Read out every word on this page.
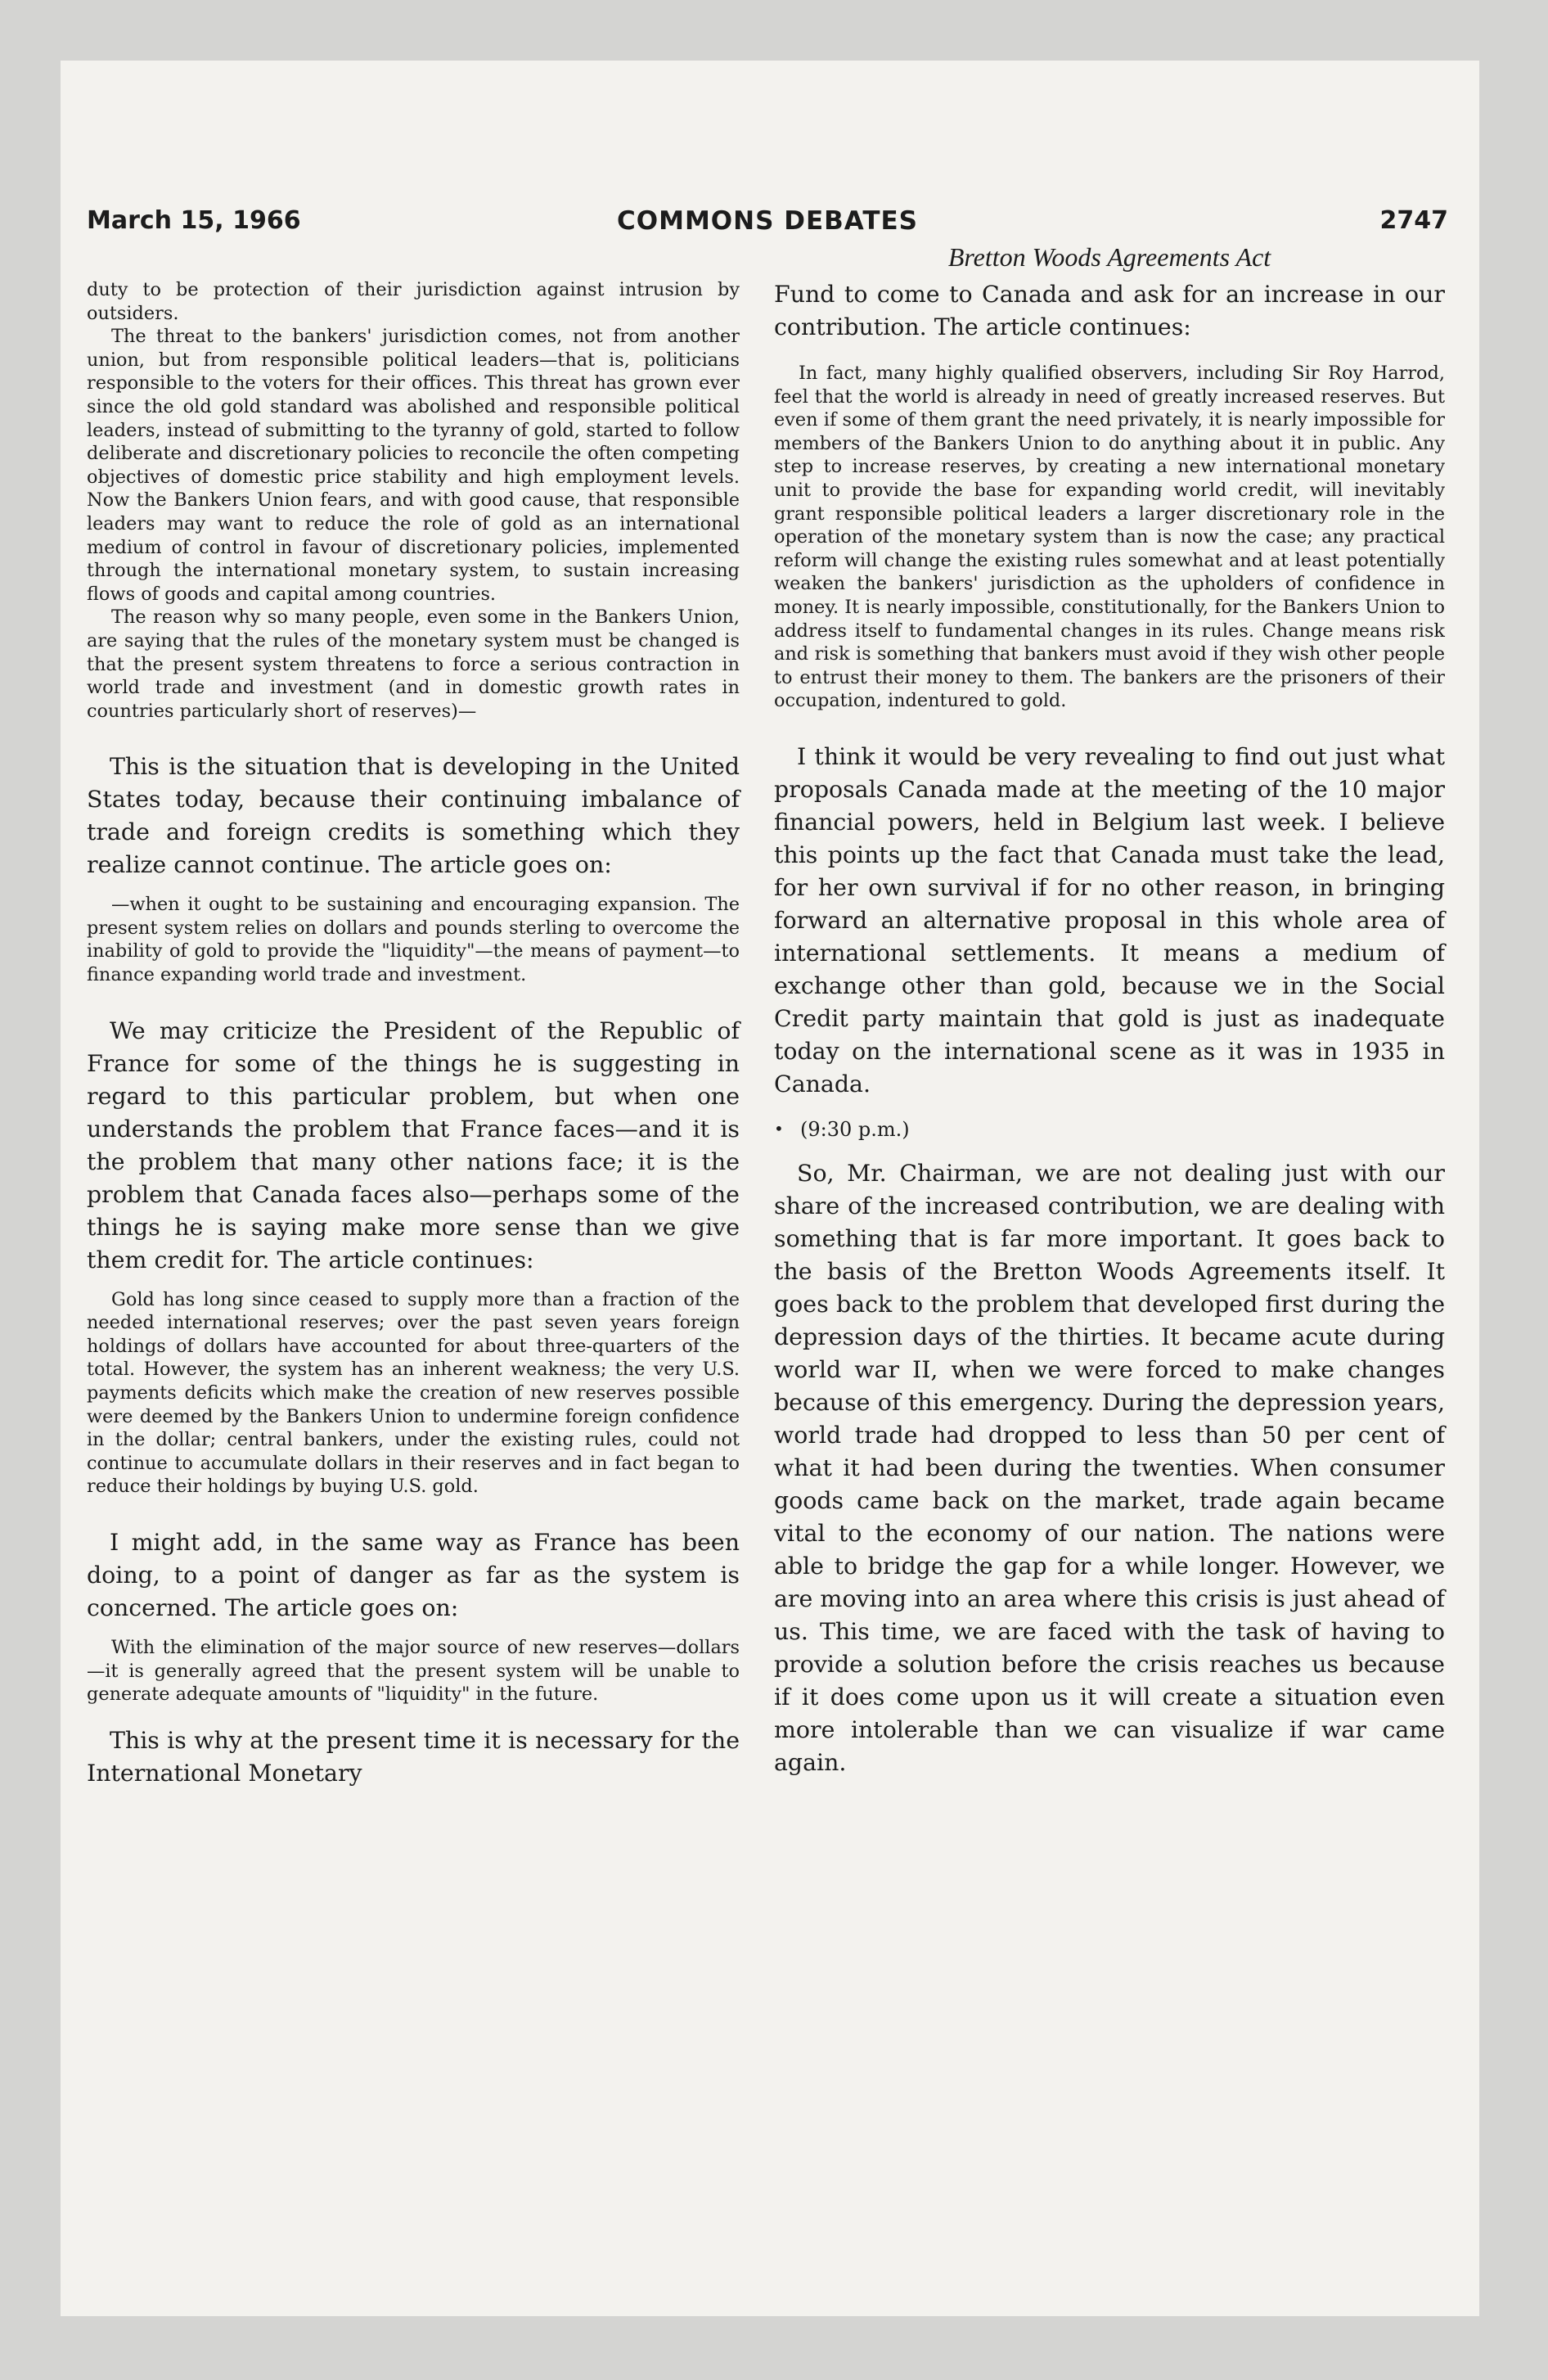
March 15, 1966	COMMONS DEBATES	2747
Bretton Woods Agreements Act

duty to be protection of their jurisdiction against intrusion by outsiders.

The threat to the bankers' jurisdiction comes, not from another union, but from responsible political leaders—that is, politicians responsible to the voters for their offices. This threat has grown ever since the old gold standard was abolished and responsible political leaders, instead of submitting to the tyranny of gold, started to follow deliberate and discretionary policies to reconcile the often competing objectives of domestic price stability and high employment levels. Now the Bankers Union fears, and with good cause, that responsible leaders may want to reduce the role of gold as an international medium of control in favour of discretionary policies, implemented through the international monetary system, to sustain increasing flows of goods and capital among countries.

The reason why so many people, even some in the Bankers Union, are saying that the rules of the monetary system must be changed is that the present system threatens to force a serious contraction in world trade and investment (and in domestic growth rates in countries particularly short of reserves)—

This is the situation that is developing in the United States today, because their continuing imbalance of trade and foreign credits is something which they realize cannot continue. The article goes on:

—when it ought to be sustaining and encouraging expansion. The present system relies on dollars and pounds sterling to overcome the inability of gold to provide the "liquidity"—the means of payment—to finance expanding world trade and investment.

We may criticize the President of the Republic of France for some of the things he is suggesting in regard to this particular problem, but when one understands the problem that France faces—and it is the problem that many other nations face; it is the problem that Canada faces also—perhaps some of the things he is saying make more sense than we give them credit for. The article continues:

Gold has long since ceased to supply more than a fraction of the needed international reserves; over the past seven years foreign holdings of dollars have accounted for about three-quarters of the total. However, the system has an inherent weakness; the very U.S. payments deficits which make the creation of new reserves possible were deemed by the Bankers Union to undermine foreign confidence in the dollar; central bankers, under the existing rules, could not continue to accumulate dollars in their reserves and in fact began to reduce their holdings by buying U.S. gold.

I might add, in the same way as France has been doing, to a point of danger as far as the system is concerned. The article goes on:

With the elimination of the major source of new reserves—dollars—it is generally agreed that the present system will be unable to generate adequate amounts of "liquidity" in the future.

This is why at the present time it is necessary for the International Monetary

Fund to come to Canada and ask for an increase in our contribution. The article continues:

In fact, many highly qualified observers, including Sir Roy Harrod, feel that the world is already in need of greatly increased reserves. But even if some of them grant the need privately, it is nearly impossible for members of the Bankers Union to do anything about it in public. Any step to increase reserves, by creating a new international monetary unit to provide the base for expanding world credit, will inevitably grant responsible political leaders a larger discretionary role in the operation of the monetary system than is now the case; any practical reform will change the existing rules somewhat and at least potentially weaken the bankers' jurisdiction as the upholders of confidence in money. It is nearly impossible, constitutionally, for the Bankers Union to address itself to fundamental changes in its rules. Change means risk and risk is something that bankers must avoid if they wish other people to entrust their money to them. The bankers are the prisoners of their occupation, indentured to gold.

I think it would be very revealing to find out just what proposals Canada made at the meeting of the 10 major financial powers, held in Belgium last week. I believe this points up the fact that Canada must take the lead, for her own survival if for no other reason, in bringing forward an alternative proposal in this whole area of international settlements. It means a medium of exchange other than gold, because we in the Social Credit party maintain that gold is just as inadequate today on the international scene as it was in 1935 in Canada.

• (9:30 p.m.)

So, Mr. Chairman, we are not dealing just with our share of the increased contribution, we are dealing with something that is far more important. It goes back to the basis of the Bretton Woods Agreements itself. It goes back to the problem that developed first during the depression days of the thirties. It became acute during world war II, when we were forced to make changes because of this emergency. During the depression years, world trade had dropped to less than 50 per cent of what it had been during the twenties. When consumer goods came back on the market, trade again became vital to the economy of our nation. The nations were able to bridge the gap for a while longer. However, we are moving into an area where this crisis is just ahead of us. This time, we are faced with the task of having to provide a solution before the crisis reaches us because if it does come upon us it will create a situation even more intolerable than we can visualize if war came again.
